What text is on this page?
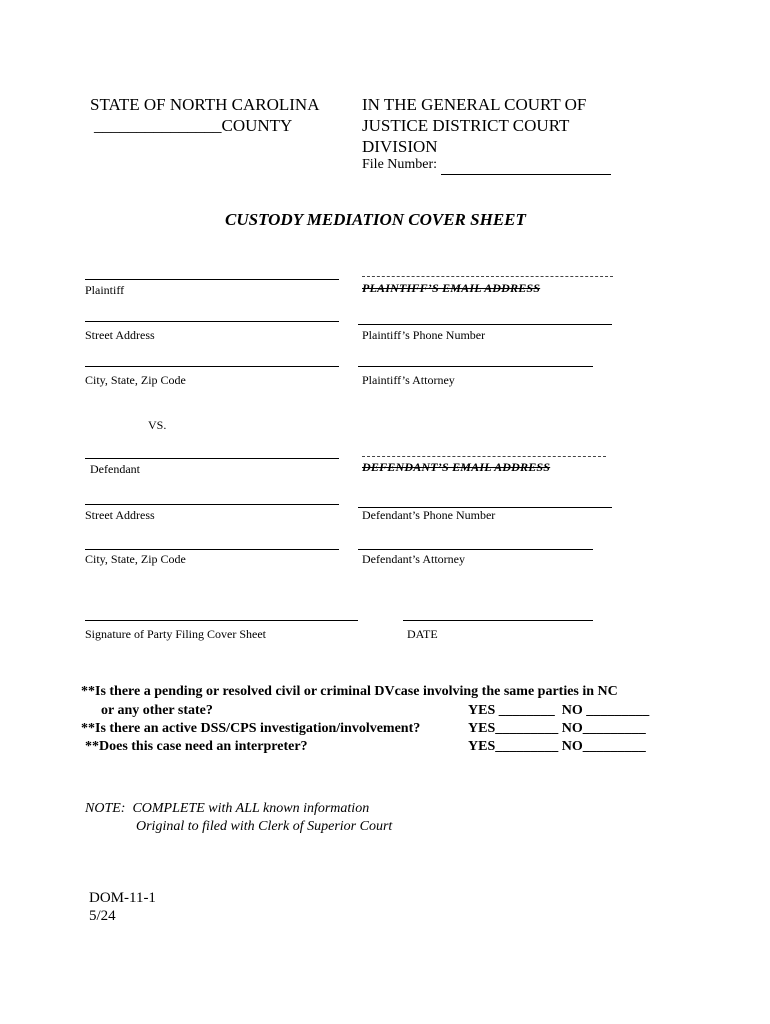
STATE OF NORTH CAROLINA
_______________COUNTY
IN THE GENERAL COURT OF
JUSTICE DISTRICT COURT
DIVISION
File Number:
CUSTODY MEDIATION COVER SHEET
Plaintiff	PLAINTIFF’S EMAIL ADDRESS
Street Address	Plaintiff’s Phone Number
City, State, Zip Code	Plaintiff’s Attorney
VS.
Defendant	DEFENDANT’S EMAIL ADDRESS
Street Address	Defendant’s Phone Number
City, State, Zip Code	Defendant’s Attorney
Signature of Party Filing Cover Sheet	DATE
**Is there a pending or resolved civil or criminal DVcase involving the same parties in NC
or any other state?	YES ________  NO _________
**Is there an active DSS/CPS investigation/involvement?	YES_________ NO_________
**Does this case need an interpreter?	YES_________ NO_________
NOTE:  COMPLETE with ALL known information
Original to filed with Clerk of Superior Court
DOM-11-1
5/24
